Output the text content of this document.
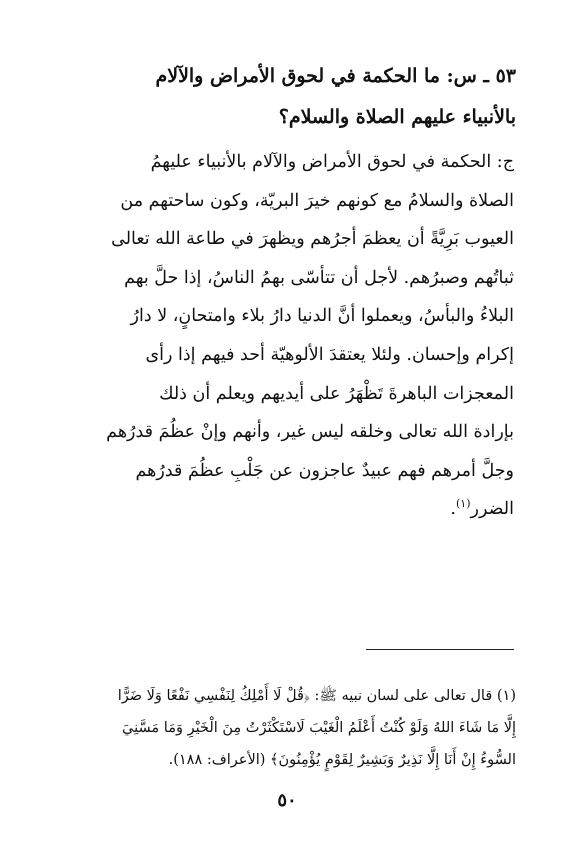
٥٣ ـ س: ما الحكمة في لحوق الأمراض والآلام
بالأنبياء عليهم الصلاة والسلام؟
ج: الحكمة في لحوق الأمراض والآلام بالأنبياء عليهمُ
الصلاة والسلامُ مع كونهم خيرَ البريّة، وكون ساحتهم من
العيوب بَرِيَّةً أن يعظمَ أجرُهم ويظهرَ في طاعة الله تعالى
ثباتُهم وصبرُهم. لأجل أن تتأسّى بهمُ الناسُ، إذا حلَّ بهم
البلاءُ والبأسُ، ويعملوا أنَّ الدنيا دارُ بلاء وامتحانٍ، لا دارُ
إكرام وإحسان. ولئلا يعتقدَ الألوهيّة أحد فيهم إذا رأى
المعجزات الباهرةَ تَظْهَرُ على أيديهم ويعلم أن ذلك
بإرادة الله تعالى وخلقه ليس غير، وأنهم وإنْ عظُمَ قدرُهم
وجلَّ أمرهم فهم عبيدٌ عاجزون عن جَلْبِ عظُمَ قدرُهم
الضرر$^{(١)}$.
(١) قال تعالى على لسان نبيه ﷺ: ﴿قُلْ لَا أَمْلِكُ لِنَفْسِي نَفْعًا وَلَا ضَرًّا
إِلَّا مَا شَاءَ اللهُ وَلَوْ كُنْتُ أَعْلَمُ الْغَيْبَ لَاسْتَكْثَرْتُ مِنَ الْخَيْرِ وَمَا مَسَّنِيَ
السُّوءُ إِنْ أَنَا إِلَّا نَذِيرٌ وَبَشِيرٌ لِقَوْمٍ يُؤْمِنُونَ﴾ (الأعراف: ١٨٨).
٥٠
